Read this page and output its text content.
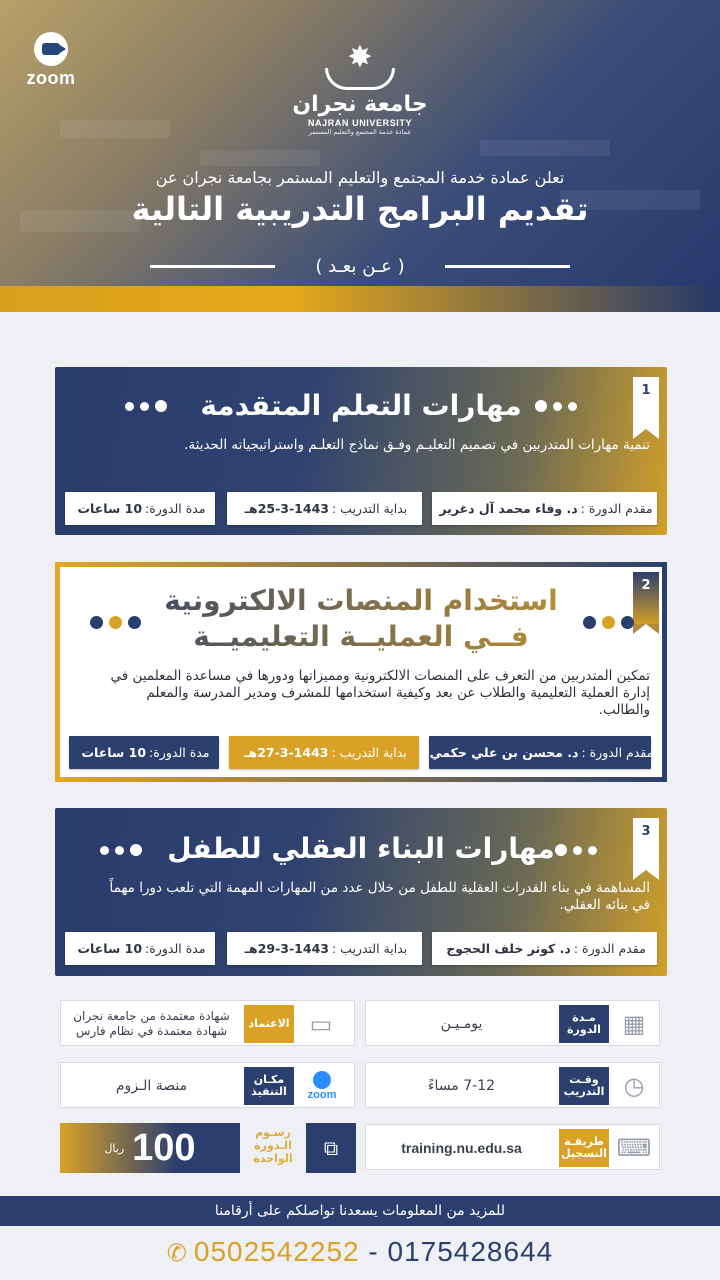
zoom
✸
جامعة نجران
NAJRAN UNIVERSITY
عمادة خدمة المجتمع والتعليم المستمر
تعلن عمادة خدمة المجتمع والتعليم المستمر بجامعة نجران عن
تقديم البرامج التدريبية التالية
( عـن بعـد )
1
مهارات التعلم المتقدمة
تنمية مهارات المتدربين في تصميم التعليـم وفـق نماذج التعلـم واستراتيجياته الحديثة.
مدة الدورة:
10 ساعات	بداية التدريب :
25-3-1443هـ	مقدم الدورة :
د. وفاء محمد آل دغرير
استخدام المنصات الالكترونية
فــي العمليــة التعليميــة
تمكين المتدربين من التعرف على المنصات الالكترونية ومميزاتها ودورها في مساعدة المعلمين في إدارة العملية التعليمية والطلاب عن بعد وكيفية استخدامها للمشرف ومدير المدرسة والمعلم والطالب.
مدة الدورة:
10 ساعات	بداية التدريب :
27-3-1443هـ	مقدم الدورة :
د. محسن بن علي حكمي
3
مهارات البناء العقلي للطفل
المساهمة في بناء القدرات العقلية للطفل من خلال عدد من المهارات المهمة التي تلعب دورا مهماً في بنائه العقلي.
مدة الدورة:
10 ساعات	بداية التدريب :
29-3-1443هـ	مقدم الدورة :
د. كوثر خلف الحجوج
▦
مـدة الدورة
يومـيـن
▭
الاعتماد
شهادة معتمدة من جامعة نجران
شهادة معتمدة في نظام فارس
◷
وقـت التدريب
7-12 مساءً
zoom
مكـان التنفيذ
منصة الـزوم
⌨
طريقـة التسجيل
training.nu.edu.sa
⧉
رسـوم الـدورة الواحدة
100
ريال
للمزيد من المعلومات يسعدنا تواصلكم على أرقامنا
✆ 0502542252 - 0175428644
